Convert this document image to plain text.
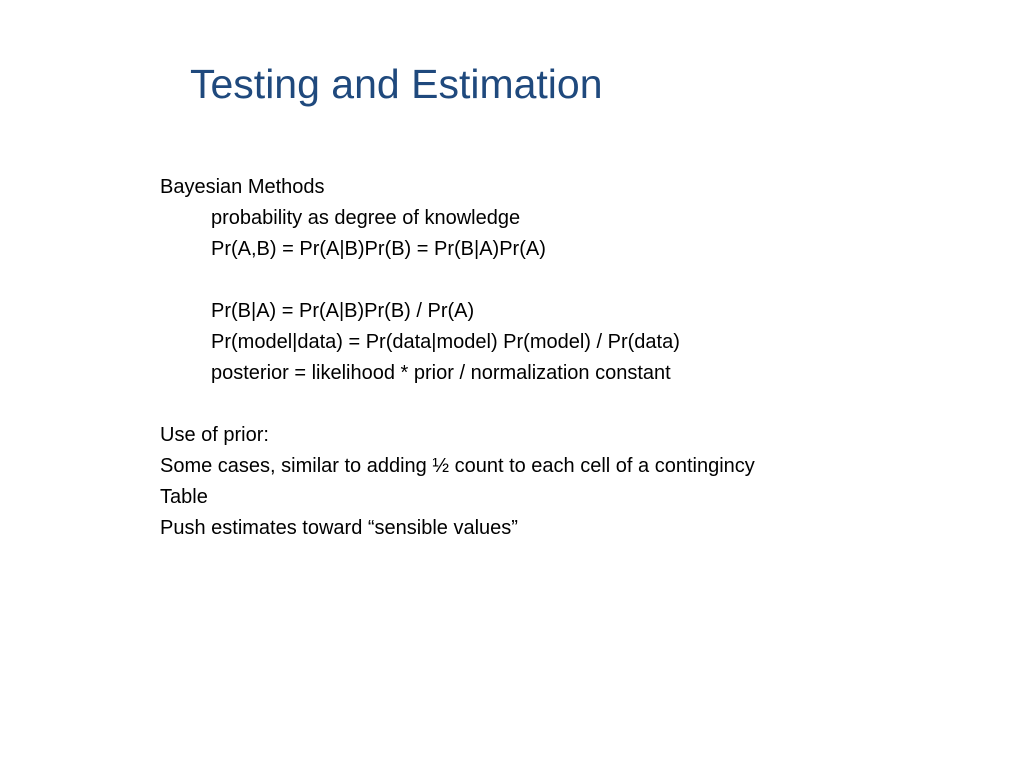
Testing and Estimation
Bayesian Methods
probability as degree of knowledge
Pr(A,B) = Pr(A|B)Pr(B) = Pr(B|A)Pr(A)
Pr(B|A) = Pr(A|B)Pr(B) / Pr(A)
Pr(model|data) = Pr(data|model) Pr(model) / Pr(data)
posterior = likelihood * prior / normalization constant
Use of prior:
Some cases, similar to adding ½ count to each cell of a contingincy
Table
Push estimates toward “sensible values”
